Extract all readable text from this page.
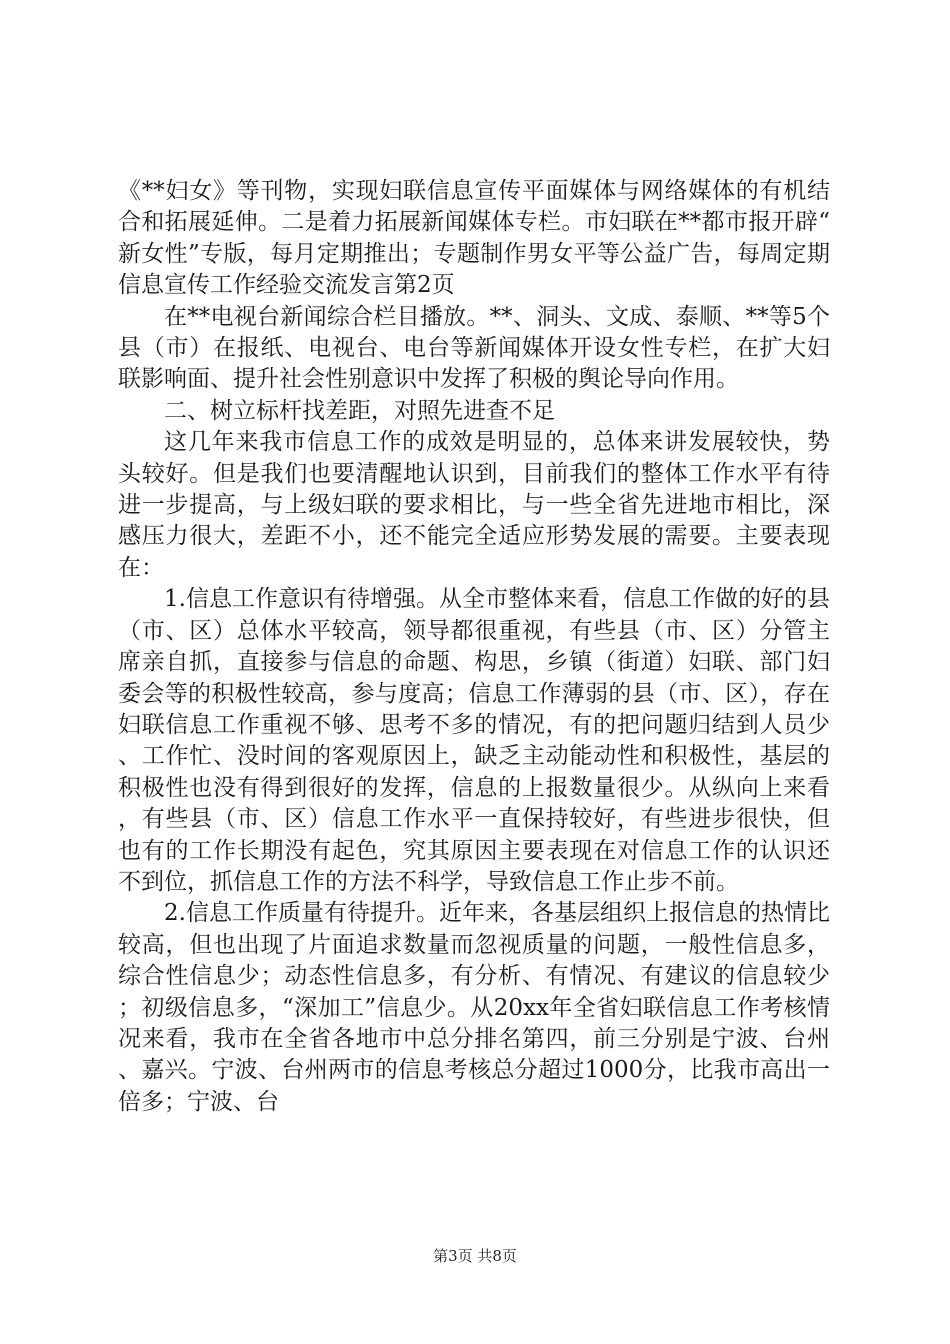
《**妇女》等刊物，实现妇联信息宣传平面媒体与网络媒体的有机结合和拓展延伸。二是着力拓展新闻媒体专栏。市妇联在**都市报开辟“新女性”专版，每月定期推出；专题制作男女平等公益广告，每周定期信息宣传工作经验交流发言第2页

在**电视台新闻综合栏目播放。**、洞头、文成、泰顺、**等5个县（市）在报纸、电视台、电台等新闻媒体开设女性专栏，在扩大妇联影响面、提升社会性别意识中发挥了积极的舆论导向作用。

二、树立标杆找差距，对照先进查不足

这几年来我市信息工作的成效是明显的，总体来讲发展较快，势头较好。但是我们也要清醒地认识到，目前我们的整体工作水平有待进一步提高，与上级妇联的要求相比，与一些全省先进地市相比，深感压力很大，差距不小，还不能完全适应形势发展的需要。主要表现在：

1.信息工作意识有待增强。从全市整体来看，信息工作做的好的县（市、区）总体水平较高，领导都很重视，有些县（市、区）分管主席亲自抓，直接参与信息的命题、构思，乡镇（街道）妇联、部门妇委会等的积极性较高，参与度高；信息工作薄弱的县（市、区），存在妇联信息工作重视不够、思考不多的情况，有的把问题归结到人员少、工作忙、没时间的客观原因上，缺乏主动能动性和积极性，基层的积极性也没有得到很好的发挥，信息的上报数量很少。从纵向上来看，有些县（市、区）信息工作水平一直保持较好，有些进步很快，但也有的工作长期没有起色，究其原因主要表现在对信息工作的认识还不到位，抓信息工作的方法不科学，导致信息工作止步不前。

2.信息工作质量有待提升。近年来，各基层组织上报信息的热情比较高，但也出现了片面追求数量而忽视质量的问题，一般性信息多，综合性信息少；动态性信息多，有分析、有情况、有建议的信息较少；初级信息多，“深加工”信息少。从20xx年全省妇联信息工作考核情况来看，我市在全省各地市中总分排名第四，前三分别是宁波、台州、嘉兴。宁波、台州两市的信息考核总分超过1000分，比我市高出一倍多；宁波、台

第3页 共8页
